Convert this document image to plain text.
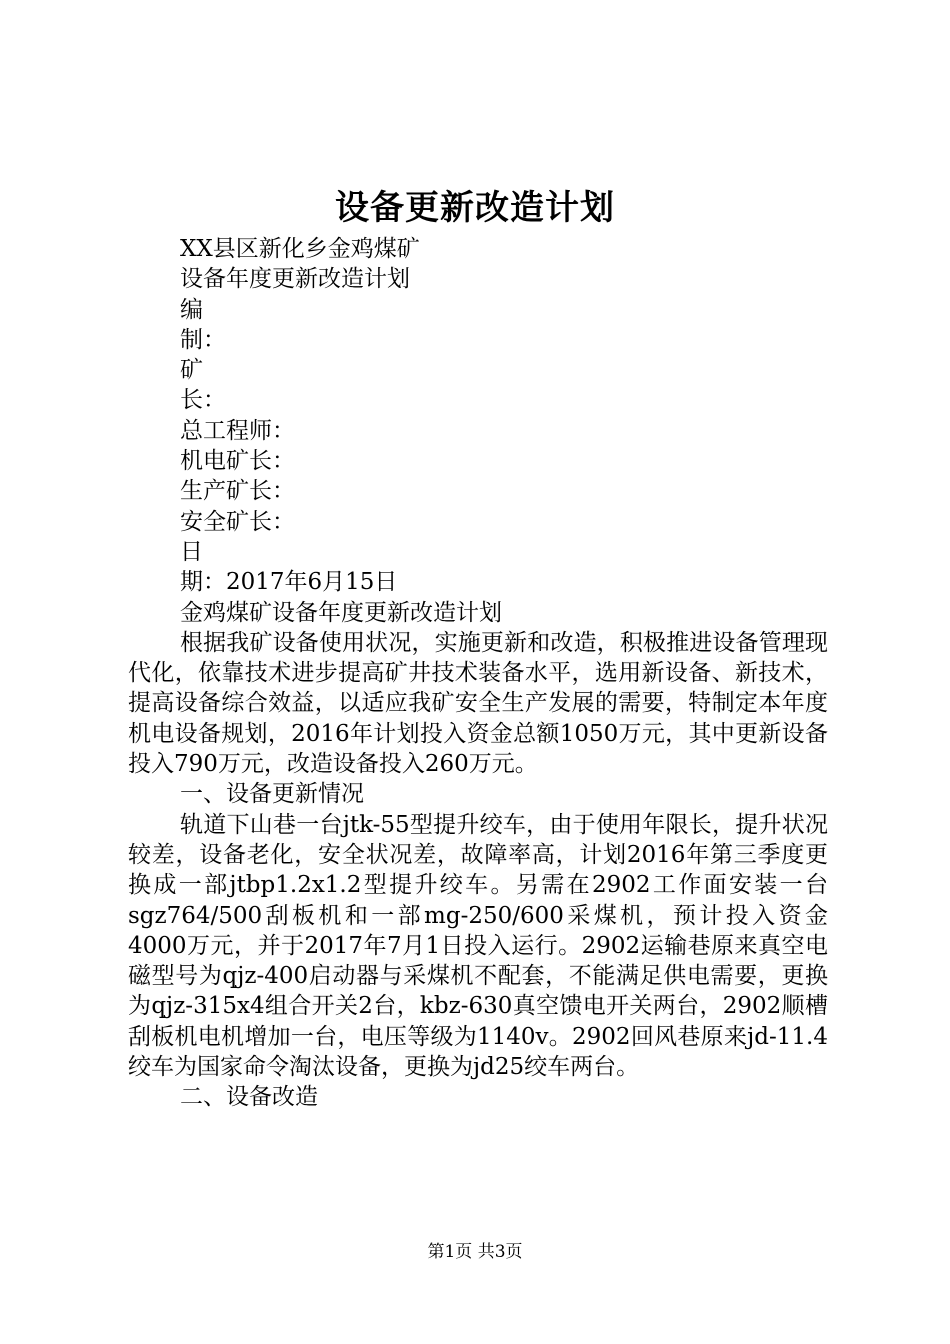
设备更新改造计划

XX县区新化乡金鸡煤矿

设备年度更新改造计划

编

制：

矿

长：

总工程师：

机电矿长：

生产矿长：

安全矿长：

日

期：2017年6月15日

金鸡煤矿设备年度更新改造计划

根据我矿设备使用状况，实施更新和改造，积极推进设备管理现代化，依靠技术进步提高矿井技术装备水平，选用新设备、新技术，提高设备综合效益，以适应我矿安全生产发展的需要，特制定本年度机电设备规划，2016年计划投入资金总额1050万元，其中更新设备投入790万元，改造设备投入260万元。

一、设备更新情况

轨道下山巷一台jtk-55型提升绞车，由于使用年限长，提升状况较差，设备老化，安全状况差，故障率高，计划2016年第三季度更换成一部jtbp1.2x1.2型提升绞车。另需在2902工作面安装一台sgz764/500刮板机和一部mg-250/600采煤机，预计投入资金4000万元，并于2017年7月1日投入运行。2902运输巷原来真空电磁型号为qjz-400启动器与采煤机不配套，不能满足供电需要，更换为qjz-315x4组合开关2台，kbz-630真空馈电开关两台，2902顺槽刮板机电机增加一台，电压等级为1140v。2902回风巷原来jd-11.4绞车为国家命令淘汰设备，更换为jd25绞车两台。

二、设备改造

第1页 共3页
